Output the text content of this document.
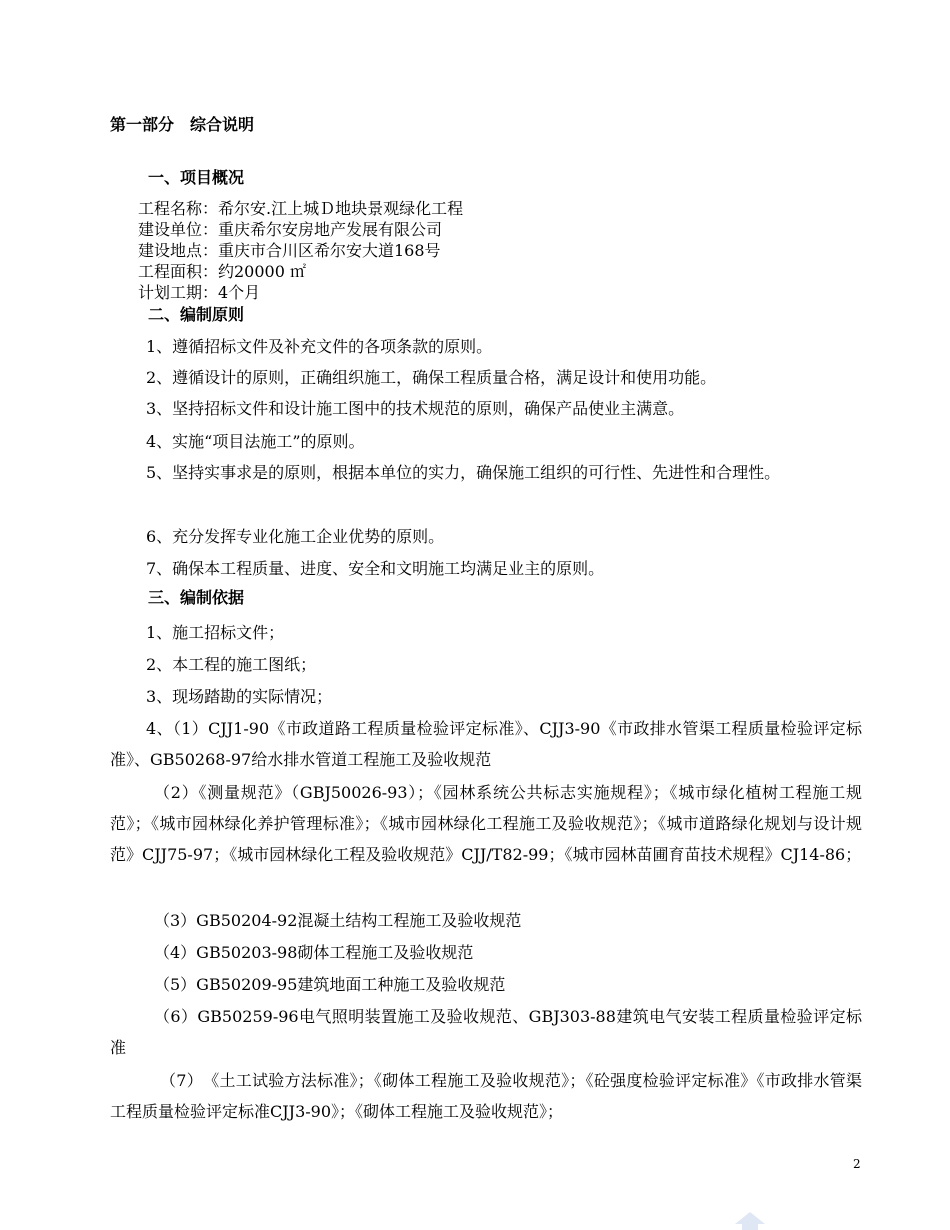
第一部分　综合说明
一、项目概况
工程名称：希尔安.江上城Ｄ地块景观绿化工程
建设单位：重庆希尔安房地产发展有限公司
建设地点：重庆市合川区希尔安大道168号
工程面积：约20000 ㎡
计划工期：4个月
二、编制原则
1、遵循招标文件及补充文件的各项条款的原则。
2、遵循设计的原则，正确组织施工，确保工程质量合格，满足设计和使用功能。
3、坚持招标文件和设计施工图中的技术规范的原则，确保产品使业主满意。
4、实施“项目法施工”的原则。
5、坚持实事求是的原则，根据本单位的实力，确保施工组织的可行性、先进性和合理性。
6、充分发挥专业化施工企业优势的原则。
7、确保本工程质量、进度、安全和文明施工均满足业主的原则。
三、编制依据
1、施工招标文件；
2、本工程的施工图纸；
3、现场踏勘的实际情况；
4、（1）CJJ1-90《市政道路工程质量检验评定标准》、CJJ3-90《市政排水管渠工程质量检验评定标准》、GB50268-97给水排水管道工程施工及验收规范
（2）《测量规范》（GBJ50026-93）；《园林系统公共标志实施规程》；《城市绿化植树工程施工规范》；《城市园林绿化养护管理标准》；《城市园林绿化工程施工及验收规范》；《城市道路绿化规划与设计规范》CJJ75-97；《城市园林绿化工程及验收规范》CJJ/T82-99；《城市园林苗圃育苗技术规程》CJ14-86；
（3）GB50204-92混凝土结构工程施工及验收规范
（4）GB50203-98砌体工程施工及验收规范
（5）GB50209-95建筑地面工种施工及验收规范
（6）GB50259-96电气照明装置施工及验收规范、GBJ303-88建筑电气安装工程质量检验评定标准
（7）　《土工试验方法标准》；《砌体工程施工及验收规范》；《砼强度检验评定标准》《市政排水管渠工程质量检验评定标准CJJ3-90》；《砌体工程施工及验收规范》；
2
